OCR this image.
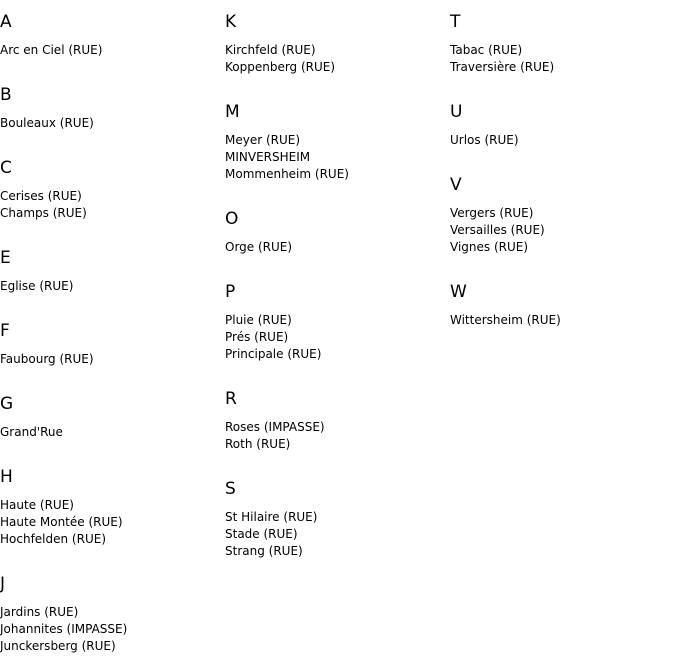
A
Arc en Ciel (RUE)
B
Bouleaux (RUE)
C
Cerises (RUE)
Champs (RUE)
E
Eglise (RUE)
F
Faubourg (RUE)
G
Grand'Rue
H
Haute (RUE)
Haute Montée (RUE)
Hochfelden (RUE)
J
Jardins (RUE)
Johannites (IMPASSE)
Junckersberg (RUE)
K
Kirchfeld (RUE)
Koppenberg (RUE)
M
Meyer (RUE)
MINVERSHEIM
Mommenheim (RUE)
O
Orge (RUE)
P
Pluie (RUE)
Prés (RUE)
Principale (RUE)
R
Roses (IMPASSE)
Roth (RUE)
S
St Hilaire (RUE)
Stade (RUE)
Strang (RUE)
T
Tabac (RUE)
Traversière (RUE)
U
Urlos (RUE)
V
Vergers (RUE)
Versailles (RUE)
Vignes (RUE)
W
Wittersheim (RUE)
